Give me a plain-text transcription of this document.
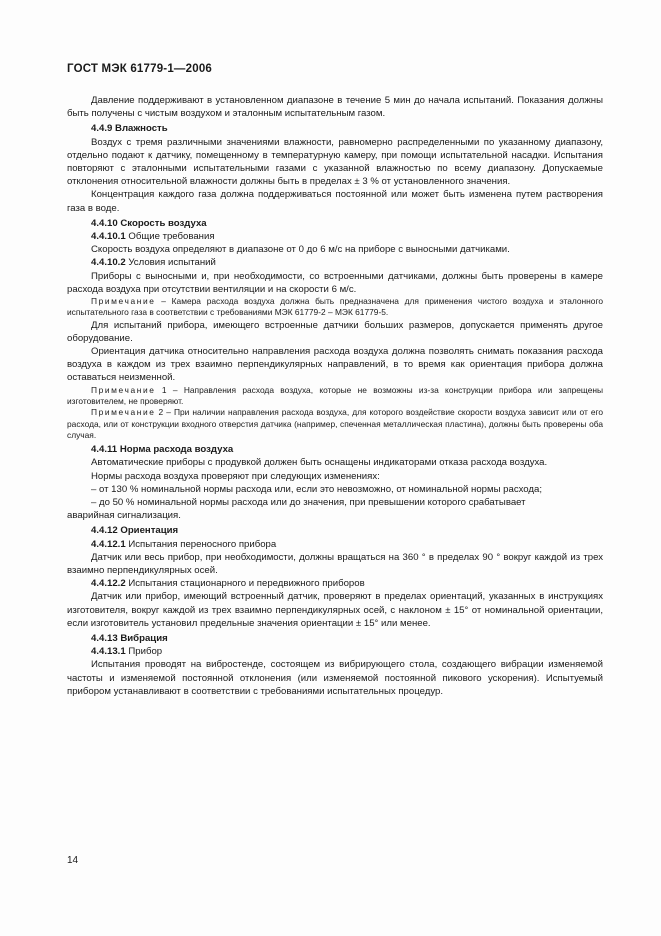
ГОСТ МЭК 61779-1—2006

Давление поддерживают в установленном диапазоне в течение 5 мин до начала испытаний. Показания должны быть получены с чистым воздухом и эталонным испытательным газом.

4.4.9 Влажность

Воздух с тремя различными значениями влажности, равномерно распределенными по указанному диапазону, отдельно подают к датчику, помещенному в температурную камеру, при помощи испытательной насадки. Испытания повторяют с эталонными испытательными газами с указанной влажностью по всему диапазону. Допускаемые отклонения относительной влажности должны быть в пределах ± 3 % от установленного значения.

Концентрация каждого газа должна поддерживаться постоянной или может быть изменена путем растворения газа в воде.

4.4.10 Скорость воздуха
4.4.10.1 Общие требования

Скорость воздуха определяют в диапазоне от 0 до 6 м/с на приборе с выносными датчиками.

4.4.10.2 Условия испытаний

Приборы с выносными и, при необходимости, со встроенными датчиками, должны быть проверены в камере расхода воздуха при отсутствии вентиляции и на скорости 6 м/с.

Примечание – Камера расхода воздуха должна быть предназначена для применения чистого воздуха и эталонного испытательного газа в соответствии с требованиями МЭК 61779-2 – МЭК 61779-5.

Для испытаний прибора, имеющего встроенные датчики больших размеров, допускается применять другое оборудование.

Ориентация датчика относительно направления расхода воздуха должна позволять снимать показания расхода воздуха в каждом из трех взаимно перпендикулярных направлений, в то время как ориентация прибора должна оставаться неизменной.

Примечание 1 – Направления расхода воздуха, которые не возможны из-за конструкции прибора или запрещены изготовителем, не проверяют.

Примечание 2 – При наличии направления расхода воздуха, для которого воздействие скорости воздуха зависит или от его расхода, или от конструкции входного отверстия датчика (например, спеченная металлическая пластина), должны быть проверены оба случая.

4.4.11 Норма расхода воздуха

Автоматические приборы с продувкой должен быть оснащены индикаторами отказа расхода воздуха.

Нормы расхода воздуха проверяют при следующих изменениях:

– от 130 % номинальной нормы расхода или, если это невозможно, от номинальной нормы расхода;

– до 50 % номинальной нормы расхода или до значения, при превышении которого срабатывает

аварийная сигнализация.

4.4.12 Ориентация
4.4.12.1 Испытания переносного прибора

Датчик или весь прибор, при необходимости, должны вращаться на 360 ° в пределах 90 ° вокруг каждой из трех взаимно перпендикулярных осей.

4.4.12.2 Испытания стационарного и передвижного приборов

Датчик или прибор, имеющий встроенный датчик, проверяют в пределах ориентаций, указанных в инструкциях изготовителя, вокруг каждой из трех взаимно перпендикулярных осей, с наклоном ± 15° от номинальной ориентации, если изготовитель установил предельные значения ориентации ± 15° или менее.

4.4.13 Вибрация
4.4.13.1 Прибор

Испытания проводят на вибростенде, состоящем из вибрирующего стола, создающего вибрации изменяемой частоты и изменяемой постоянной отклонения (или изменяемой постоянной пикового ускорения). Испытуемый прибором устанавливают в соответствии с требованиями испытательных процедур.

14
